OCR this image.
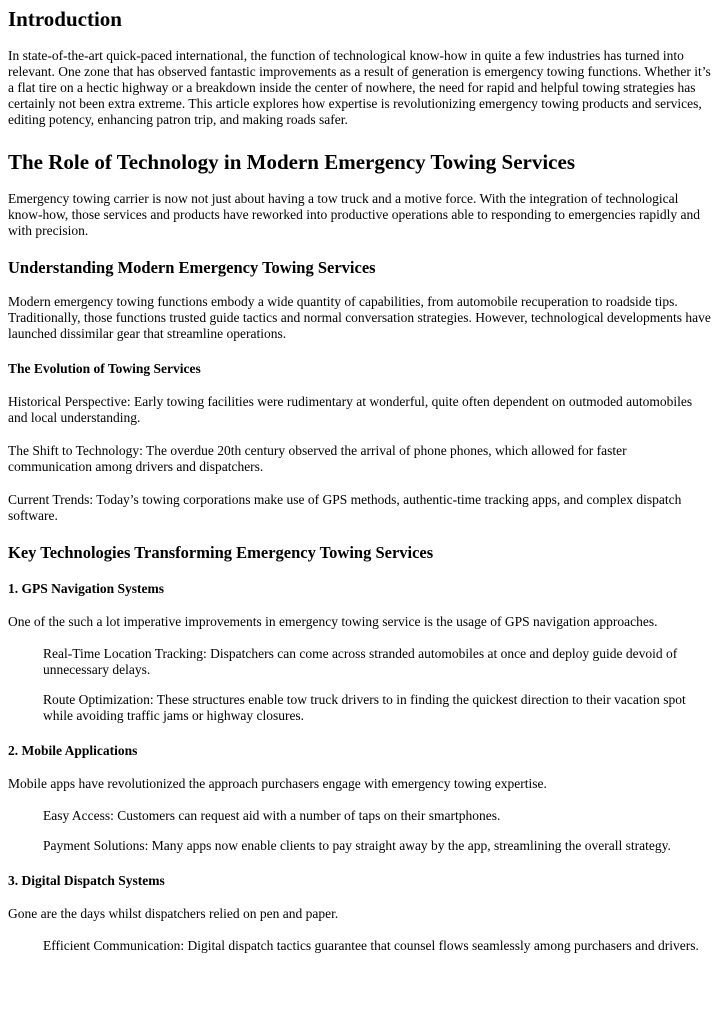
Introduction

In state-of-the-art quick-paced international, the function of technological know-how in quite a few industries has turned into relevant. One zone that has observed fantastic improvements as a result of generation is emergency towing functions. Whether it’s a flat tire on a hectic highway or a breakdown inside the center of nowhere, the need for rapid and helpful towing strategies has certainly not been extra extreme. This article explores how expertise is revolutionizing emergency towing products and services, editing potency, enhancing patron trip, and making roads safer.

The Role of Technology in Modern Emergency Towing Services

Emergency towing carrier is now not just about having a tow truck and a motive force. With the integration of technological know-how, those services and products have reworked into productive operations able to responding to emergencies rapidly and with precision.

Understanding Modern Emergency Towing Services

Modern emergency towing functions embody a wide quantity of capabilities, from automobile recuperation to roadside tips. Traditionally, those functions trusted guide tactics and normal conversation strategies. However, technological developments have launched dissimilar gear that streamline operations.

The Evolution of Towing Services

Historical Perspective: Early towing facilities were rudimentary at wonderful, quite often dependent on outmoded automobiles and local understanding.

The Shift to Technology: The overdue 20th century observed the arrival of phone phones, which allowed for faster communication among drivers and dispatchers.

Current Trends: Today’s towing corporations make use of GPS methods, authentic-time tracking apps, and complex dispatch software.

Key Technologies Transforming Emergency Towing Services
1. GPS Navigation Systems

One of the such a lot imperative improvements in emergency towing service is the usage of GPS navigation approaches.

Real-Time Location Tracking: Dispatchers can come across stranded automobiles at once and deploy guide devoid of unnecessary delays.

Route Optimization: These structures enable tow truck drivers to in finding the quickest direction to their vacation spot while avoiding traffic jams or highway closures.

2. Mobile Applications

Mobile apps have revolutionized the approach purchasers engage with emergency towing expertise.

Easy Access: Customers can request aid with a number of taps on their smartphones.

Payment Solutions: Many apps now enable clients to pay straight away by the app, streamlining the overall strategy.

3. Digital Dispatch Systems

Gone are the days whilst dispatchers relied on pen and paper.

Efficient Communication: Digital dispatch tactics guarantee that counsel flows seamlessly among purchasers and drivers.
